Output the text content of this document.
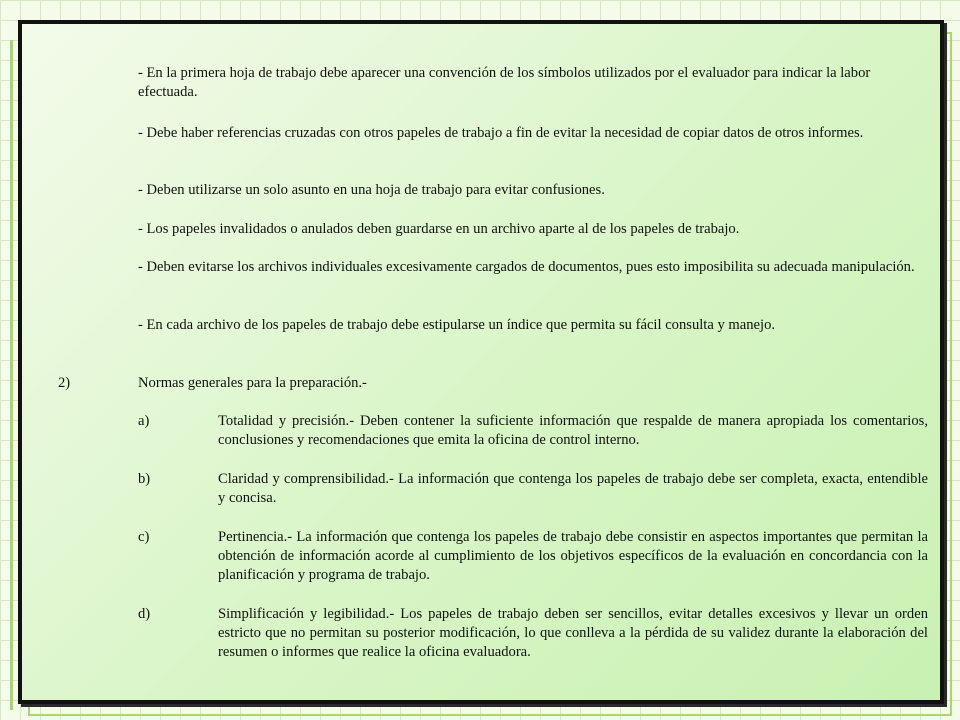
- En la primera hoja de trabajo debe aparecer una convención de los símbolos utilizados por el evaluador para indicar la labor efectuada.

- Debe haber referencias cruzadas con otros papeles de trabajo a fin de evitar la necesidad de copiar datos de otros informes.

- Deben utilizarse un solo asunto en una hoja de trabajo para evitar confusiones.

- Los papeles invalidados o anulados deben guardarse en un archivo aparte al de los papeles de trabajo.

- Deben evitarse los archivos individuales excesivamente cargados de documentos, pues esto imposibilita su adecuada manipulación.

- En cada archivo de los papeles de trabajo debe estipularse un índice que permita su fácil consulta y manejo.

2)	Normas generales para la preparación.-

a)	Totalidad y precisión.- Deben contener la suficiente información que respalde de manera apropiada los comentarios, conclusiones y recomendaciones que emita la oficina de control interno.

b)	Claridad y comprensibilidad.- La información que contenga los papeles de trabajo debe ser completa, exacta, entendible y concisa.

c)	Pertinencia.- La información que contenga los papeles de trabajo debe consistir en aspectos importantes que permitan la obtención de información acorde al cumplimiento de los objetivos específicos de la evaluación en concordancia con la planificación y programa de trabajo.

d)	Simplificación y legibilidad.- Los papeles de trabajo deben ser sencillos, evitar detalles excesivos y llevar un orden estricto que no permitan su posterior modificación, lo que conlleva a la pérdida de su validez durante la elaboración del resumen o informes que realice la oficina evaluadora.
